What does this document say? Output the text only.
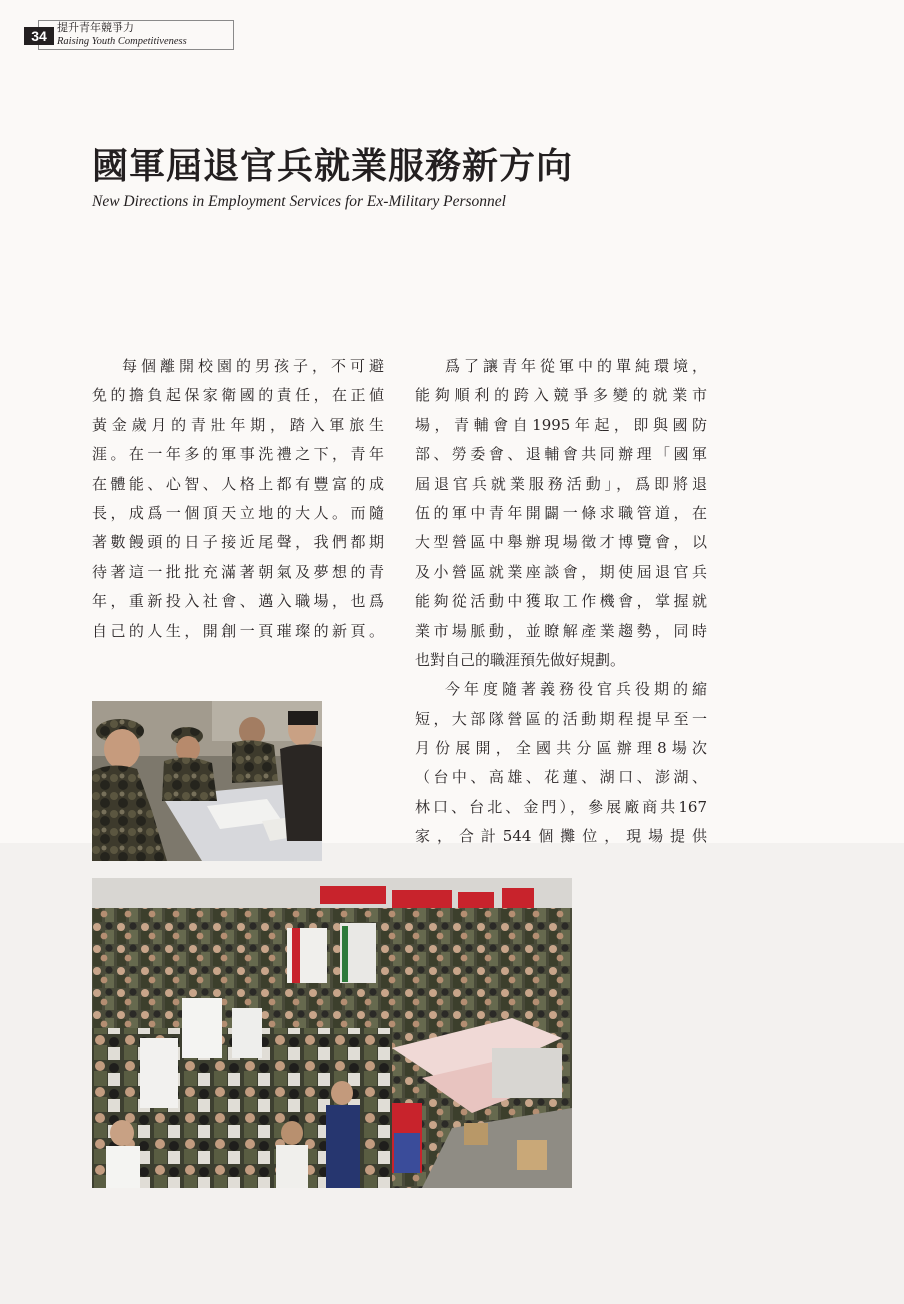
34
提升青年競爭力
Raising Youth Competitiveness
國軍屆退官兵就業服務新方向
New Directions in Employment Services for Ex-Military Personnel
每個離開校園的男孩子，不可避
免的擔負起保家衛國的責任，在正値
黃金歲月的青壯年期，踏入軍旅生
涯。在一年多的軍事洗禮之下，青年
在體能、心智、人格上都有豐富的成
長，成爲一個頂天立地的大人。而隨
著數饅頭的日子接近尾聲，我們都期
待著這一批批充滿著朝氣及夢想的青
年，重新投入社會、邁入職場，也爲
自己的人生，開創一頁璀璨的新頁。
爲了讓青年從軍中的單純環境，
能夠順利的跨入競爭多變的就業市
場，青輔會自1995年起，即與國防
部、勞委會、退輔會共同辦理「國軍
屆退官兵就業服務活動」，爲即將退
伍的軍中青年開闢一條求職管道，在
大型營區中舉辦現場徵才博覽會，以
及小營區就業座談會，期使屆退官兵
能夠從活動中獲取工作機會，掌握就
業市場脈動，並瞭解產業趨勢，同時
也對自己的職涯預先做好規劃。
今年度隨著義務役官兵役期的縮
短，大部隊營區的活動期程提早至一
月份展開，全國共分區辦理8場次
（台中、高雄、花蓮、湖口、澎湖、
林口、台北、金門），參展廠商共167
家，合計544個攤位，現場提供
